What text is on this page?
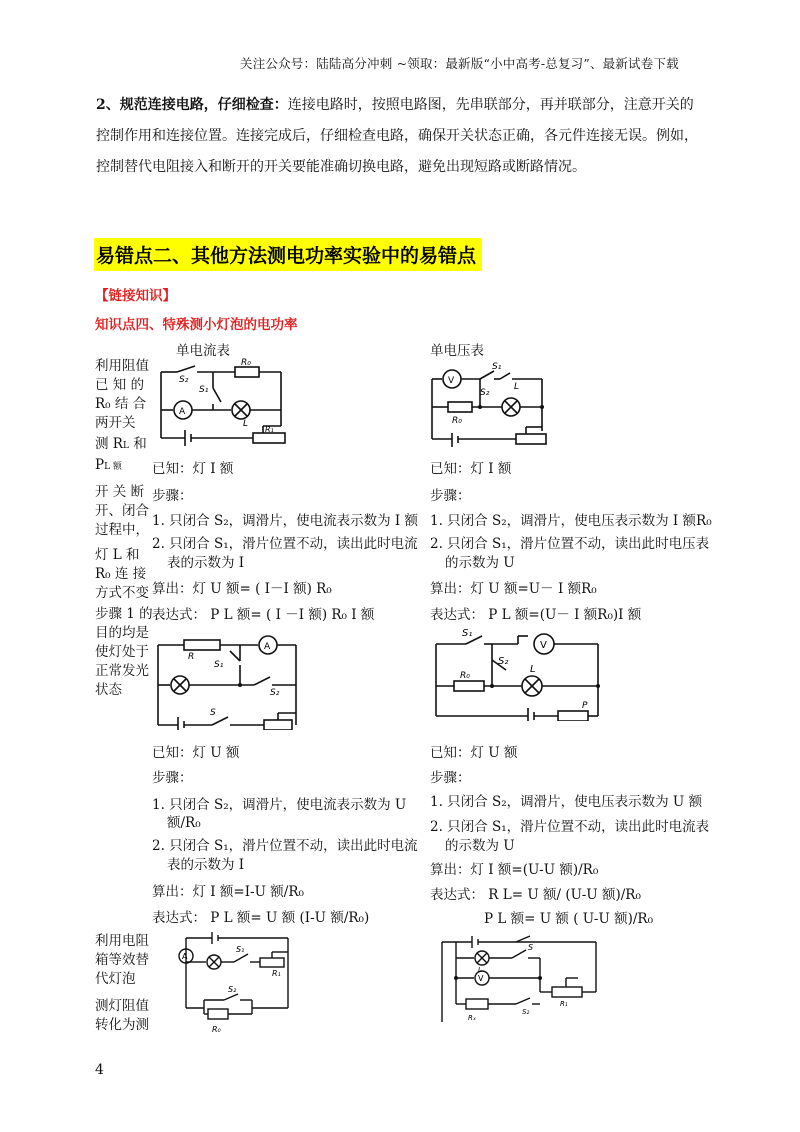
关注公众号：陆陆高分冲刺 ~领取：最新版“小中高考-总复习”、最新试卷下载
2、规范连接电路，仔细检查：连接电路时，按照电路图，先串联部分，再并联部分，注意开关的
控制作用和连接位置。连接完成后，仔细检查电路，确保开关状态正确，各元件连接无误。例如，
控制替代电阻接入和断开的开关要能准确切换电路，避免出现短路或断路情况。
易错点二、其他方法测电功率实验中的易错点
【链接知识】
知识点四、特殊测小灯泡的电功率
单电流表	单电压表
利用阻值
已 知 的
R₀ 结 合
两开关
测 RL 和
PL 额
开 关 断
开、闭合
过程中，
灯 L 和
R₀ 连 接
方式不变
步骤 1 的
目的均是
使灯处于
正常发光
状态
A
R₀
S₂
S₁
L
R₁
V
S₁
S₂
L
R₀
已知：灯 I 额
步骤：
1. 只闭合 S₂，调滑片，使电流表示数为 I 额
2. 只闭合 S₁，滑片位置不动，读出此时电流
表的示数为 I
算出：灯 U 额= ( I－I 额) R₀
表达式： P L 额= ( I －I 额) R₀ I 额
已知：灯 I 额
步骤：
1. 只闭合 S₂，调滑片，使电压表示数为 I 额R₀
2. 只闭合 S₁，滑片位置不动，读出此时电压表
的示数为 U
算出：灯 U 额=U－ I 额R₀
表达式： P L 额=(U－ I 额R₀)I 额
A
R
S₁
S₂
S
V
S₁
S₂
L
R₀
P
已知：灯 U 额
步骤：
1. 只闭合 S₂，调滑片，使电流表示数为 U
额/R₀
2. 只闭合 S₁，滑片位置不动，读出此时电流
表的示数为 I
算出：灯 I 额=I-U 额/R₀
表达式： P L 额= U 额 (I-U 额/R₀)
已知：灯 U 额
步骤：
1. 只闭合 S₂，调滑片，使电压表示数为 U 额
2. 只闭合 S₁，滑片位置不动，读出此时电流表
的示数为 U
算出：灯 I 额=(U-U 额)/R₀
表达式： R L= U 额/ (U-U 额)/R₀
P L 额= U 额 ( U-U 额)/R₀
利用电阻
箱等效替
代灯泡
测灯阻值
转化为测
A
S₁
R₁
S₂
R₀
V
S
L
R₁
Rₓ
S₂
4
